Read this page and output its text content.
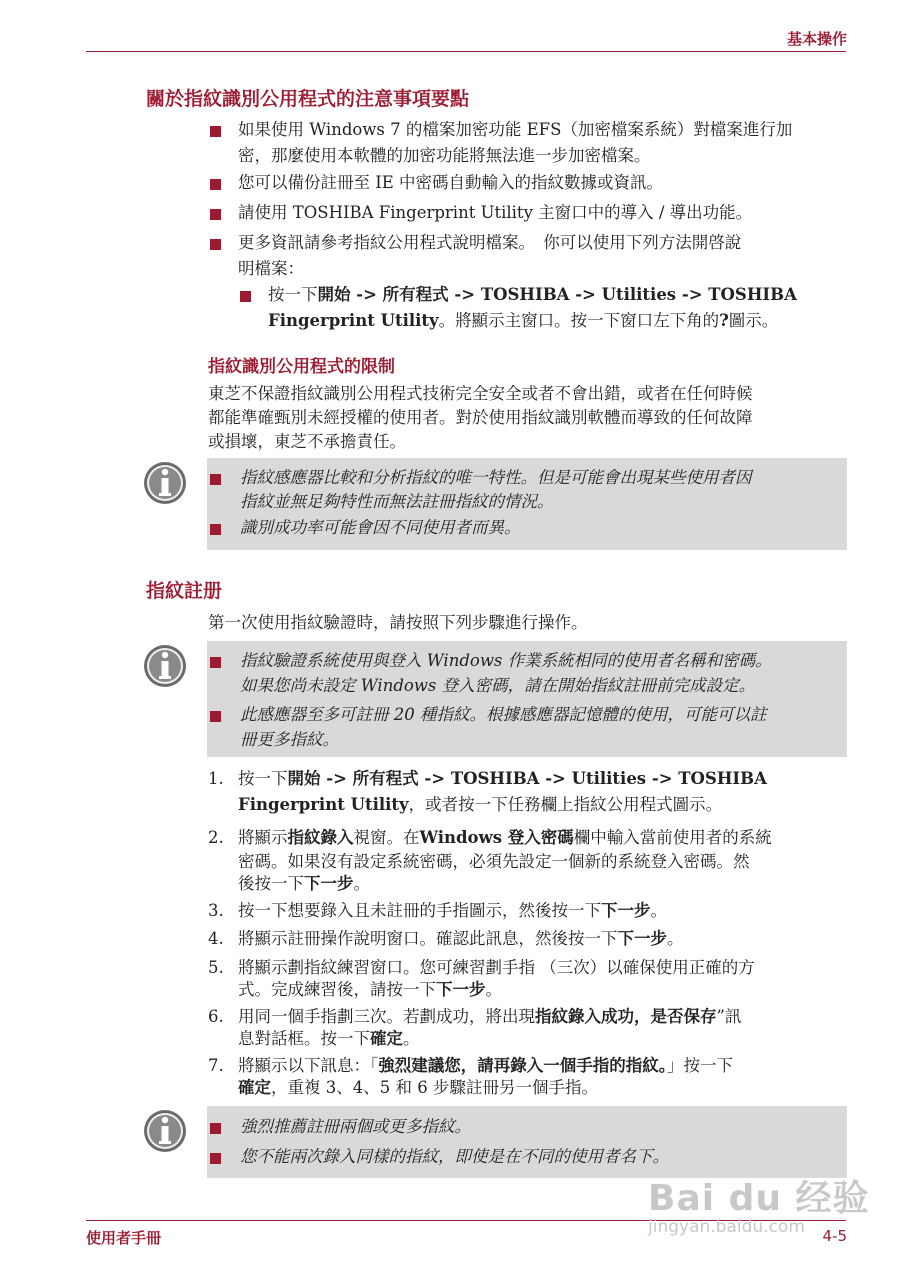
基本操作
使用者手冊	4-5
關於指紋識別公用程式的注意事項要點
如果使用 Windows 7 的檔案加密功能 EFS（加密檔案系統）對檔案進行加
密，那麼使用本軟體的加密功能將無法進一步加密檔案。
您可以備份註冊至 IE 中密碼自動輸入的指紋數據或資訊。
請使用 TOSHIBA Fingerprint Utility 主窗口中的導入 / 導出功能。
更多資訊請參考指紋公用程式說明檔案。　你可以使用下列方法開啓說
明檔案：
按一下開始 -> 所有程式 -> TOSHIBA -> Utilities -> TOSHIBA
Fingerprint Utility。將顯示主窗口。按一下窗口左下角的?圖示。
指紋識別公用程式的限制
東芝不保證指紋識別公用程式技術完全安全或者不會出錯，或者在任何時候
都能準確甄別未經授權的使用者。對於使用指紋識別軟體而導致的任何故障
或損壞，東芝不承擔責任。
指紋感應器比較和分析指紋的唯一特性。但是可能會出現某些使用者因
指紋並無足夠特性而無法註冊指紋的情況。
識別成功率可能會因不同使用者而異。
指紋註册
第一次使用指紋驗證時，請按照下列步驟進行操作。
指紋驗證系統使用與登入 Windows 作業系統相同的使用者名稱和密碼。
如果您尚未設定 Windows 登入密碼，請在開始指紋註冊前完成設定。
此感應器至多可註冊 20 種指紋。根據感應器記憶體的使用，可能可以註
冊更多指紋。
1. 按一下開始 -> 所有程式 -> TOSHIBA -> Utilities -> TOSHIBA
Fingerprint Utility，或者按一下任務欄上指紋公用程式圖示。
2. 將顯示指紋錄入視窗。在Windows 登入密碼欄中輸入當前使用者的系統
密碼。如果沒有設定系統密碼，必須先設定一個新的系統登入密碼。然
後按一下下一步。
3. 按一下想要錄入且未註冊的手指圖示，然後按一下下一步。
4. 將顯示註冊操作說明窗口。確認此訊息，然後按一下下一步。
5. 將顯示劃指紋練習窗口。您可練習劃手指 （三次）以確保使用正確的方
式。完成練習後，請按一下下一步。
6. 用同一個手指劃三次。若劃成功，將出現指紋錄入成功，是否保存”訊
息對話框。按一下確定。
7. 將顯示以下訊息：「強烈建議您，請再錄入一個手指的指紋。」按一下
確定，重複 3、4、5 和 6 步驟註冊另一個手指。
強烈推薦註冊兩個或更多指紋。
您不能兩次錄入同樣的指紋，即使是在不同的使用者名下。
Bai du 经验
jingyan.baidu.com
